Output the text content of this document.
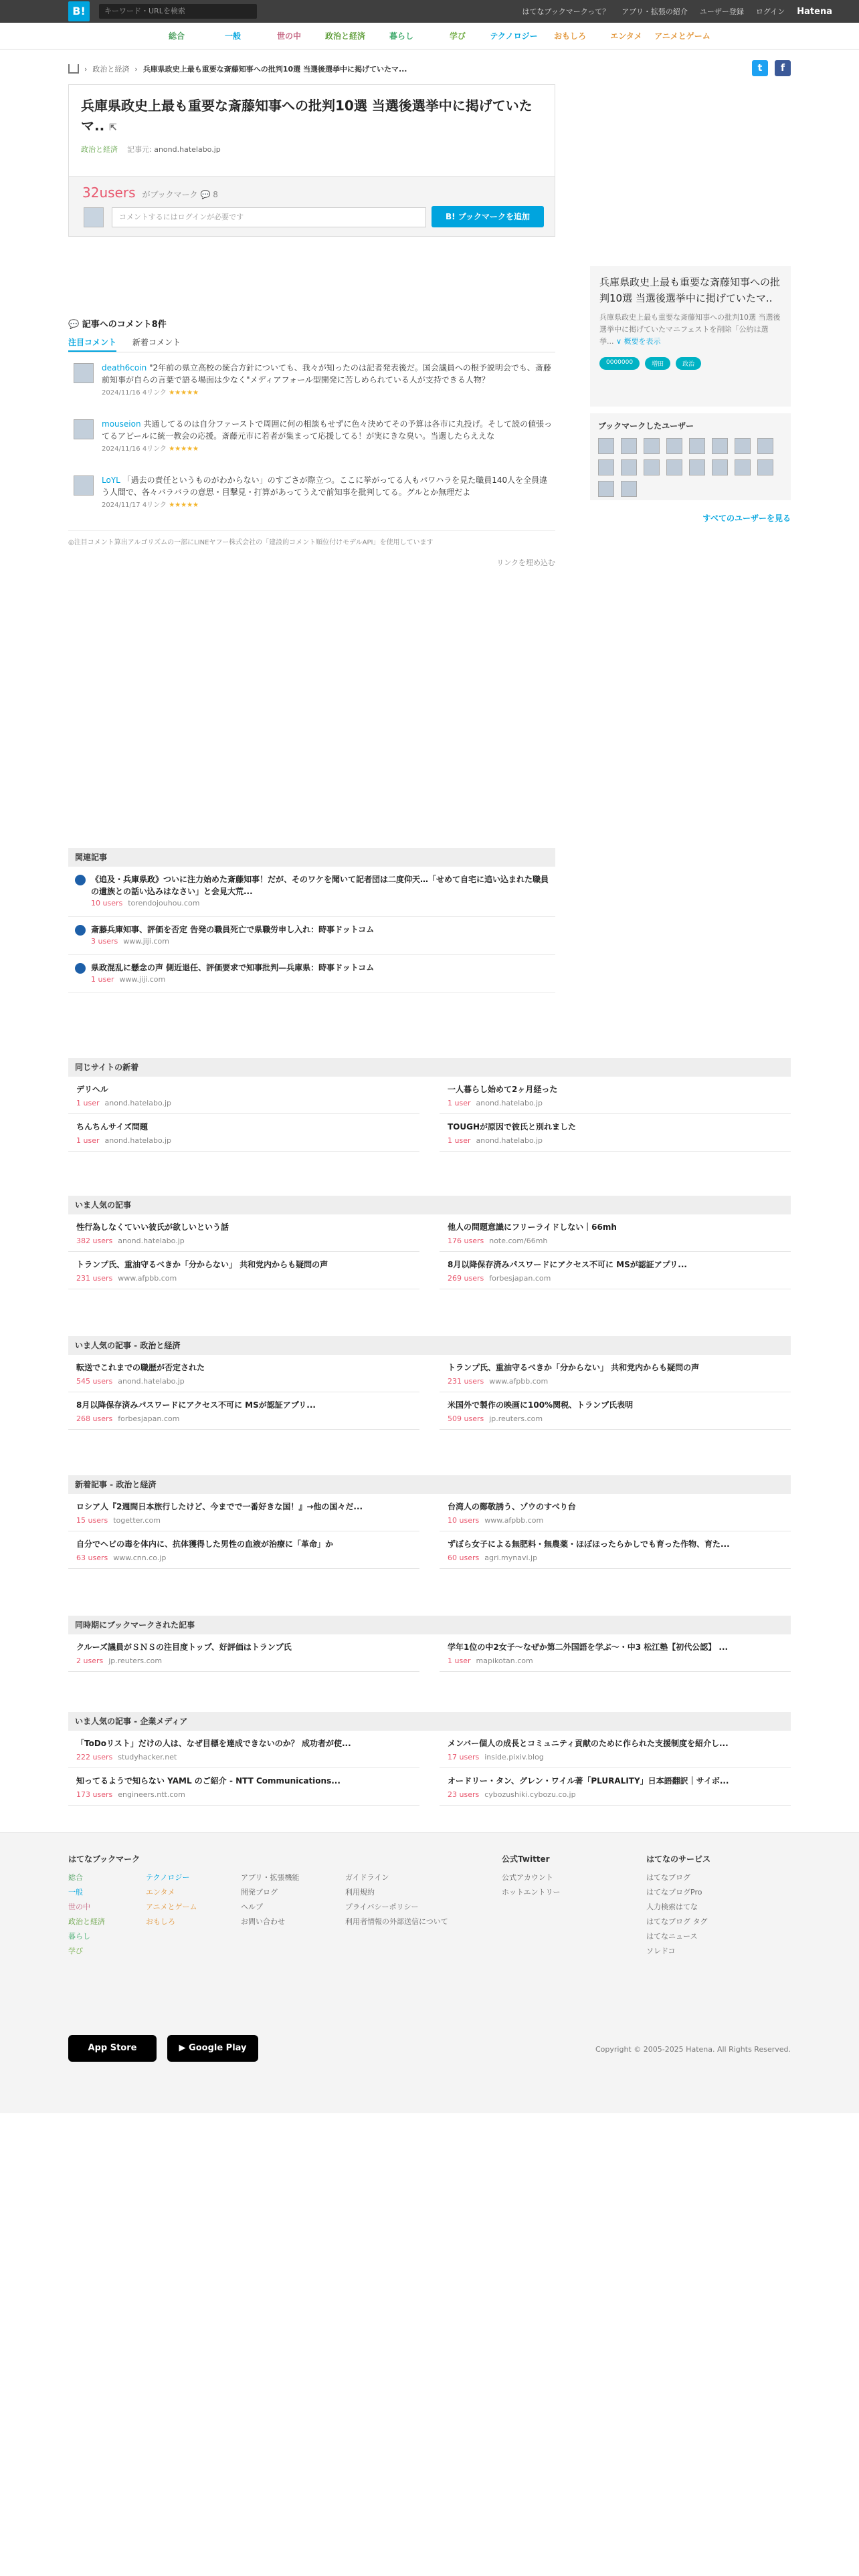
B!	キーワード・URLを検索	はてなブックマークって？ アプリ・拡張の紹介 ユーザー登録 ログイン Hatena
総合	一般	世の中	政治と経済	暮らし	学び	テクノロジー	おもしろ	エンタメ	アニメとゲーム
› 政治と経済 › 兵庫県政史上最も重要な斎藤知事への批判10選 当選後選挙中に掲げていたマ...	t	f
兵庫県政史上最も重要な斎藤知事への批判10選 当選後選挙中に掲げていたマ.. ⇱
政治と経済 記事元: anond.hatelabo.jp
32users がブックマーク 💬 8
コメントするにはログインが必要です	B! ブックマークを追加
兵庫県政史上最も重要な斎藤知事への批判10選 当選後選挙中に掲げていたマ..
兵庫県政史上最も重要な斎藤知事への批判10選 当選後選挙中に掲げていたマニフェストを削除「公約は選挙... ∨ 概要を表示
0000000	増田	政治
ブックマークしたユーザー
すべてのユーザーを見る
💬 記事へのコメント8件
注目コメント 新着コメント
death6coin "2年前の県立高校の統合方針についても、我々が知ったのは記者発表後だ。国会議員への根予説明会でも、斎藤前知事が自らの言葉で語る場面は少なく"メディアフォール型開発に苦しめられている人が支持できる人物？
2024/11/16 4リンク ★★★★★
mouseion 共通してるのは自分ファーストで周囲に何の相談もせずに色々決めてその予算は各市に丸投げ。そして読の値張ってるアピールに統一教会の応援。斎藤元市に若者が集まって応援してる！が実にきな臭い。当選したらええな
2024/11/16 4リンク ★★★★★
LoYL 「過去の責任というものがわからない」のすごさが際立つ。ここに挙がってる人もパワハラを見た職員140人を全員違う人間で、各々バラバラの意思・目撃見・打算があってうえで前知事を批判してる。グルとか無理だよ
2024/11/17 4リンク ★★★★★
◎注目コメント算出アルゴリズムの一部にLINEヤフー株式会社の「建設的コメント順位付けモデルAPI」を使用しています
リンクを埋め込む
関連記事
《追及・兵庫県政》ついに注力始めた斎藤知事！だが、そのワケを聞いて記者団は二度仰天…「せめて自宅に追い込まれた職員の遺族との話い込みはなさい」と会見大荒...
10 users torendojouhou.com
斎藤兵庫知事、評価を否定 告発の職員死亡で県職労申し入れ：時事ドットコム
3 users www.jiji.com
県政混乱に懸念の声 側近退任、評価要求で知事批判—兵庫県：時事ドットコム
1 user www.jiji.com
同じサイトの新着
デリヘル
1 user anond.hatelabo.jp
一人暮らし始めて2ヶ月経った
1 user anond.hatelabo.jp
ちんちんサイズ問題
1 user anond.hatelabo.jp
TOUGHが原因で彼氏と別れました
1 user anond.hatelabo.jp
いま人気の記事
性行為しなくていい彼氏が欲しいという話
382 users anond.hatelabo.jp
他人の問題意識にフリーライドしない｜66mh
176 users note.com/66mh
トランプ氏、重油守るべきか「分からない」 共和党内からも疑問の声
231 users www.afpbb.com
8月以降保存済みパスワードにアクセス不可に MSが認証アプリ...
269 users forbesjapan.com
いま人気の記事 - 政治と経済
転送でこれまでの職歴が否定された
545 users anond.hatelabo.jp
トランプ氏、重油守るべきか「分からない」 共和党内からも疑問の声
231 users www.afpbb.com
8月以降保存済みパスワードにアクセス不可に MSが認証アプリ...
268 users forbesjapan.com
米国外で製作の映画に100%関税、トランプ氏表明
509 users jp.reuters.com
新着記事 - 政治と経済
ロシア人『2週間日本旅行したけど、今までで一番好きな国！』→他の国々だ...
15 users togetter.com
台湾人の鄭敬誘う、ゾウのすべり台
10 users www.afpbb.com
自分でヘビの毒を体内に、抗体獲得した男性の血液が治療に「革命」か
63 users www.cnn.co.jp
ずぼら女子による無肥料・無農薬・ほぼほったらかしでも育った作物、育た...
60 users agri.mynavi.jp
同時期にブックマークされた記事
クルーズ議員がＳＮＳの注目度トップ、好評価はトランプ氏
2 users jp.reuters.com
学年1位の中2女子〜なぜか第二外国語を学ぶ〜・中3 松江塾【初代公認】 ...
1 user mapikotan.com
いま人気の記事 - 企業メディア
「ToDoリスト」だけの人は、なぜ目標を達成できないのか？ 成功者が使...
222 users studyhacker.net
メンバー個人の成長とコミュニティ貢献のために作られた支援制度を紹介し...
17 users inside.pixiv.blog
知ってるようで知らない YAML のご紹介 - NTT Communications...
173 users engineers.ntt.com
オードリー・タン、グレン・ワイル著「PLURALITY」日本語翻訳｜サイボ...
23 users cybozushiki.cybozu.co.jp
はてなブックマーク
総合
一般
世の中
政治と経済
暮らし
学び
テクノロジー
エンタメ
アニメとゲーム
おもしろ
アプリ・拡張機能
開発ブログ
ヘルプ
お問い合わせ
ガイドライン
利用規約
プライバシーポリシー
利用者情報の外部送信について
公式Twitter
公式アカウント
ホットエントリー
はてなのサービス
はてなブログ
はてなブログPro
人力検索はてな
はてなブログ タグ
はてなニュース
ソレドコ
App Store	▶ Google Play	Copyright © 2005-2025 Hatena. All Rights Reserved.
